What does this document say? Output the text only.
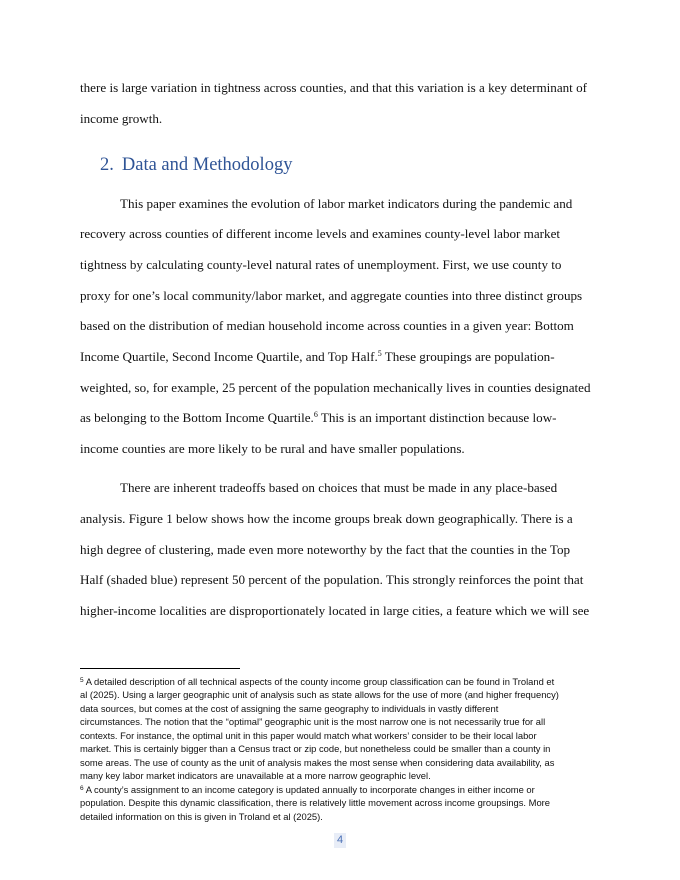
there is large variation in tightness across counties, and that this variation is a key determinant of
income growth.
2. Data and Methodology
This paper examines the evolution of labor market indicators during the pandemic and
recovery across counties of different income levels and examines county-level labor market
tightness by calculating county-level natural rates of unemployment. First, we use county to
proxy for one’s local community/labor market, and aggregate counties into three distinct groups
based on the distribution of median household income across counties in a given year: Bottom
Income Quartile, Second Income Quartile, and Top Half.$^5$ These groupings are population-
weighted, so, for example, 25 percent of the population mechanically lives in counties designated
as belonging to the Bottom Income Quartile.$^6$ This is an important distinction because low-
income counties are more likely to be rural and have smaller populations.
There are inherent tradeoffs based on choices that must be made in any place-based
analysis. Figure 1 below shows how the income groups break down geographically. There is a
high degree of clustering, made even more noteworthy by the fact that the counties in the Top
Half (shaded blue) represent 50 percent of the population. This strongly reinforces the point that
higher-income localities are disproportionately located in large cities, a feature which we will see
$^5$ A detailed description of all technical aspects of the county income group classification can be found in Troland et
al (2025). Using a larger geographic unit of analysis such as state allows for the use of more (and higher frequency)
data sources, but comes at the cost of assigning the same geography to individuals in vastly different
circumstances. The notion that the “optimal” geographic unit is the most narrow one is not necessarily true for all
contexts. For instance, the optimal unit in this paper would match what workers’ consider to be their local labor
market. This is certainly bigger than a Census tract or zip code, but nonetheless could be smaller than a county in
some areas. The use of county as the unit of analysis makes the most sense when considering data availability, as
many key labor market indicators are unavailable at a more narrow geographic level.
$^6$ A county’s assignment to an income category is updated annually to incorporate changes in either income or
population. Despite this dynamic classification, there is relatively little movement across income groupsings. More
detailed information on this is given in Troland et al (2025).
4
